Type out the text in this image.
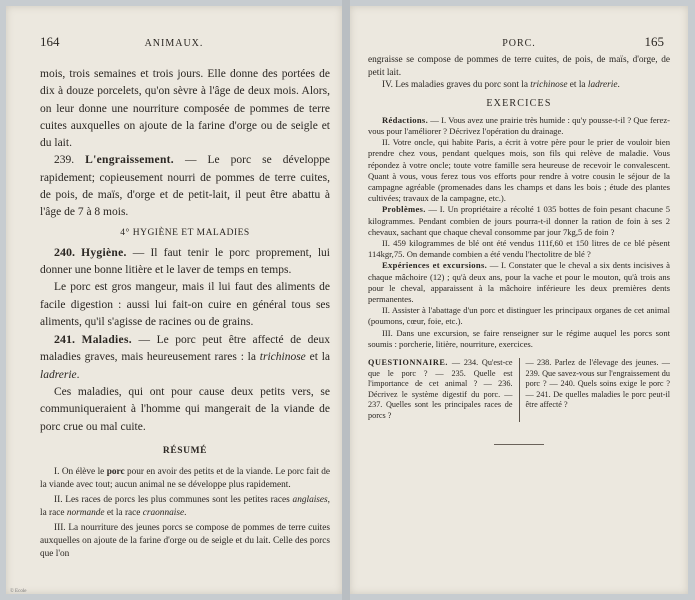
164	ANIMAUX.

mois, trois semaines et trois jours. Elle donne des portées de dix à douze porcelets, qu'on sèvre à l'âge de deux mois. Alors, on leur donne une nourriture composée de pommes de terre cuites auxquelles on ajoute de la farine d'orge ou de seigle et du lait.

239. L'engraissement. — Le porc se développe rapidement; copieusement nourri de pommes de terre cuites, de pois, de maïs, d'orge et de petit-lait, il peut être abattu à l'âge de 7 à 8 mois.

4° HYGIÈNE ET MALADIES

240. Hygiène. — Il faut tenir le porc proprement, lui donner une bonne litière et le laver de temps en temps.

Le porc est gros mangeur, mais il lui faut des aliments de facile digestion : aussi lui fait-on cuire en général tous ses aliments, qu'il s'agisse de racines ou de grains.

241. Maladies. — Le porc peut être affecté de deux maladies graves, mais heureusement rares : la trichinose et la ladrerie.

Ces maladies, qui ont pour cause deux petits vers, se communiqueraient à l'homme qui mangerait de la viande de porc crue ou mal cuite.

RÉSUMÉ

I. On élève le porc pour en avoir des petits et de la viande. Le porc fait de la viande avec tout; aucun animal ne se développe plus rapidement.

II. Les races de porcs les plus communes sont les petites races anglaises, la race normande et la race craonnaise.

III. La nourriture des jeunes porcs se compose de pommes de terre cuites auxquelles on ajoute de la farine d'orge ou de seigle et du lait. Celle des porcs que l'on

© Ecole
PORC.	165

engraisse se compose de pommes de terre cuites, de pois, de maïs, d'orge, de petit lait.

IV. Les maladies graves du porc sont la trichinose et la ladrerie.

EXERCICES

Rédactions. — I. Vous avez une prairie très humide : qu'y pousse-t-il ? Que ferez-vous pour l'améliorer ? Décrivez l'opération du drainage.

II. Votre oncle, qui habite Paris, a écrit à votre père pour le prier de vouloir bien prendre chez vous, pendant quelques mois, son fils qui relève de maladie. Vous répondez à votre oncle; toute votre famille sera heureuse de recevoir le convalescent. Quant à vous, vous ferez tous vos efforts pour rendre à votre cousin le séjour de la campagne agréable (promenades dans les champs et dans les bois ; étude des plantes cultivées; travaux de la campagne, etc.).

Problèmes. — I. Un propriétaire a récolté 1 035 bottes de foin pesant chacune 5 kilogrammes. Pendant combien de jours pourra-t-il donner la ration de foin à ses 2 chevaux, sachant que chaque cheval consomme par jour 7kg,5 de foin ?

II. 459 kilogrammes de blé ont été vendus 111f,60 et 150 litres de ce blé pèsent 114kgr,75. On demande combien a été vendu l'hectolitre de blé ?

Expériences et excursions. — I. Constater que le cheval a six dents incisives à chaque mâchoire (12) ; qu'à deux ans, pour la vache et pour le mouton, qu'à trois ans pour le cheval, apparaissent à la mâchoire inférieure les deux premières dents permanentes.

II. Assister à l'abattage d'un porc et distinguer les principaux organes de cet animal (poumons, cœur, foie, etc.).

III. Dans une excursion, se faire renseigner sur le régime auquel les porcs sont soumis : porcherie, litière, nourriture, exercices.

QUESTIONNAIRE. — 234. Qu'est-ce que le porc ? — 235. Quelle est l'importance de cet animal ? — 236. Décrivez le système digestif du porc. — 237. Quelles sont les principales races de porcs ?
— 238. Parlez de l'élevage des jeunes. — 239. Que savez-vous sur l'engraissement du porc ? — 240. Quels soins exige le porc ? — 241. De quelles maladies le porc peut-il être affecté ?
